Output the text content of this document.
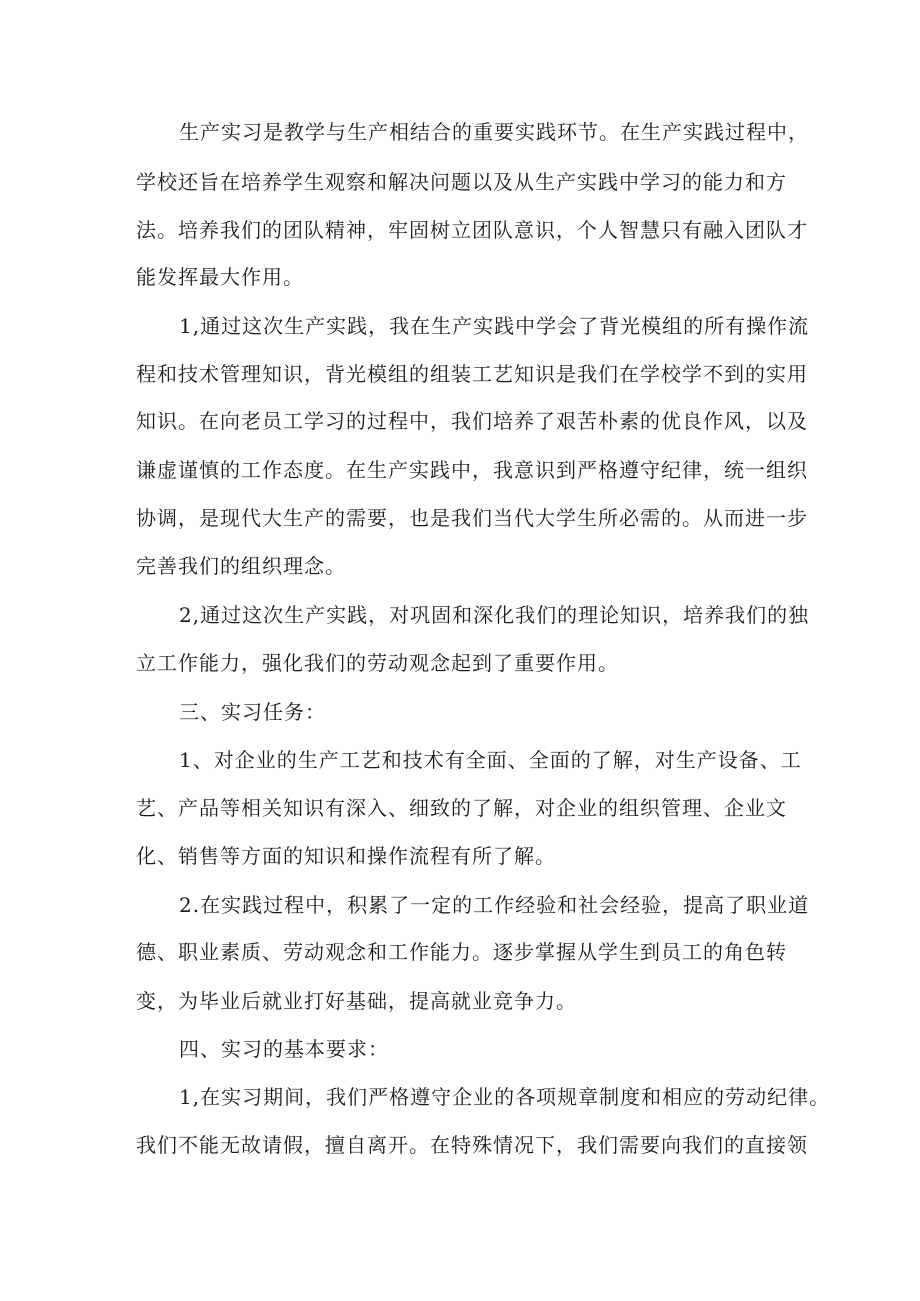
生产实习是教学与生产相结合的重要实践环节。在生产实践过程中，
学校还旨在培养学生观察和解决问题以及从生产实践中学习的能力和方
法。培养我们的团队精神，牢固树立团队意识，个人智慧只有融入团队才
能发挥最大作用。
1,通过这次生产实践，我在生产实践中学会了背光模组的所有操作流
程和技术管理知识，背光模组的组装工艺知识是我们在学校学不到的实用
知识。在向老员工学习的过程中，我们培养了艰苦朴素的优良作风，以及
谦虚谨慎的工作态度。在生产实践中，我意识到严格遵守纪律，统一组织
协调，是现代大生产的需要，也是我们当代大学生所必需的。从而进一步
完善我们的组织理念。
2,通过这次生产实践，对巩固和深化我们的理论知识，培养我们的独
立工作能力，强化我们的劳动观念起到了重要作用。
三、实习任务：
1、对企业的生产工艺和技术有全面、全面的了解，对生产设备、工
艺、产品等相关知识有深入、细致的了解，对企业的组织管理、企业文
化、销售等方面的知识和操作流程有所了解。
2.在实践过程中，积累了一定的工作经验和社会经验，提高了职业道
德、职业素质、劳动观念和工作能力。逐步掌握从学生到员工的角色转
变，为毕业后就业打好基础，提高就业竞争力。
四、实习的基本要求：
1,在实习期间，我们严格遵守企业的各项规章制度和相应的劳动纪律。
我们不能无故请假，擅自离开。在特殊情况下，我们需要向我们的直接领
